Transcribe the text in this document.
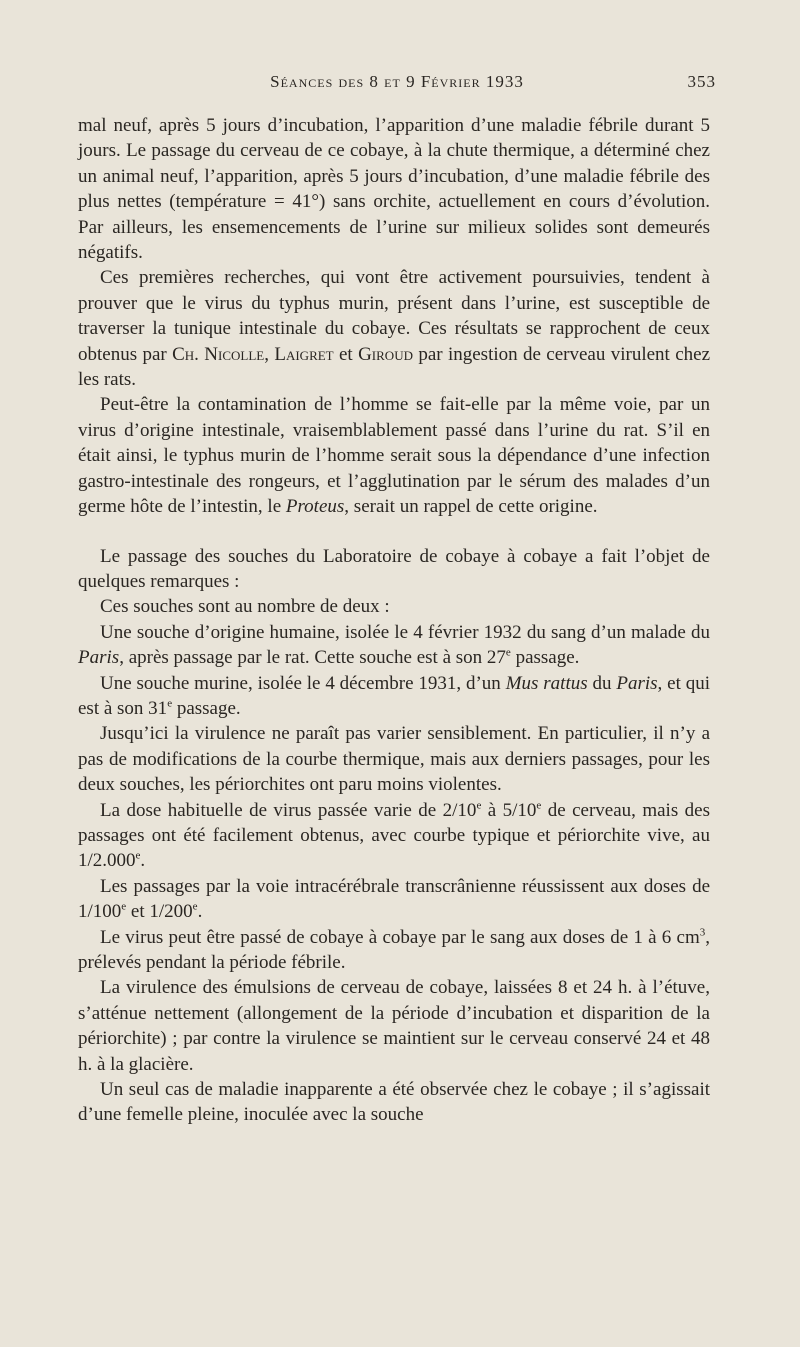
Séances des 8 et 9 Février 1933	353

mal neuf, après 5 jours d’incubation, l’apparition d’une maladie fébrile durant 5 jours. Le passage du cerveau de ce cobaye, à la chute thermique, a déterminé chez un animal neuf, l’apparition, après 5 jours d’incubation, d’une maladie fébrile des plus nettes (température = 41°) sans orchite, actuellement en cours d’évolution. Par ailleurs, les ensemencements de l’urine sur milieux solides sont demeurés négatifs.

Ces premières recherches, qui vont être activement poursuivies, tendent à prouver que le virus du typhus murin, présent dans l’urine, est susceptible de traverser la tunique intestinale du cobaye. Ces résultats se rapprochent de ceux obtenus par Ch. Nicolle, Laigret et Giroud par ingestion de cerveau virulent chez les rats.

Peut-être la contamination de l’homme se fait-elle par la même voie, par un virus d’origine intestinale, vraisemblablement passé dans l’urine du rat. S’il en était ainsi, le typhus murin de l’homme serait sous la dépendance d’une infection gastro-intestinale des rongeurs, et l’agglutination par le sérum des malades d’un germe hôte de l’intestin, le Proteus, serait un rappel de cette origine.

Le passage des souches du Laboratoire de cobaye à cobaye a fait l’objet de quelques remarques :

Ces souches sont au nombre de deux :

Une souche d’origine humaine, isolée le 4 février 1932 du sang d’un malade du Paris, après passage par le rat. Cette souche est à son 27e passage.

Une souche murine, isolée le 4 décembre 1931, d’un Mus rattus du Paris, et qui est à son 31e passage.

Jusqu’ici la virulence ne paraît pas varier sensiblement. En particulier, il n’y a pas de modifications de la courbe thermique, mais aux derniers passages, pour les deux souches, les périorchites ont paru moins violentes.

La dose habituelle de virus passée varie de 2/10e à 5/10e de cerveau, mais des passages ont été facilement obtenus, avec courbe typique et périorchite vive, au 1/2.000e.

Les passages par la voie intracérébrale transcrânienne réussissent aux doses de 1/100e et 1/200e.

Le virus peut être passé de cobaye à cobaye par le sang aux doses de 1 à 6 $cm^3$, prélevés pendant la période fébrile.

La virulence des émulsions de cerveau de cobaye, laissées 8 et 24 h. à l’étuve, s’atténue nettement (allongement de la période d’incubation et disparition de la périorchite) ; par contre la virulence se maintient sur le cerveau conservé 24 et 48 h. à la glacière.

Un seul cas de maladie inapparente a été observée chez le cobaye ; il s’agissait d’une femelle pleine, inoculée avec la souche
